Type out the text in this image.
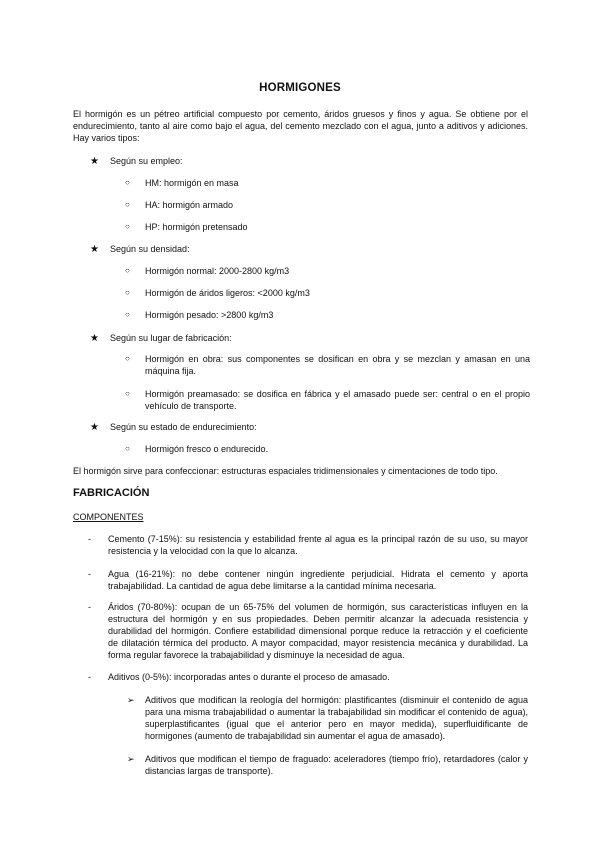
HORMIGONES
El hormigón es un pétreo artificial compuesto por cemento, áridos gruesos y finos y agua. Se obtiene por el endurecimiento, tanto al aire como bajo el agua, del cemento mezclado con el agua, junto a aditivos y adiciones. Hay varios tipos:
★ Según su empleo:
○ HM: hormigón en masa
○ HA: hormigón armado
○ HP: hormigón pretensado
★ Según su densidad:
○ Hormigón normal: 2000-2800 kg/m3
○ Hormigón de áridos ligeros: <2000 kg/m3
○ Hormigón pesado: >2800 kg/m3
★ Según su lugar de fabricación:
○ Hormigón en obra: sus componentes se dosifican en obra y se mezclan y amasan en una máquina fija.
○ Hormigón preamasado: se dosifica en fábrica y el amasado puede ser: central o en el propio vehículo de transporte.
★ Según su estado de endurecimiento:
○ Hormigón fresco o endurecido.
El hormigón sirve para confeccionar: estructuras espaciales tridimensionales y cimentaciones de todo tipo.
FABRICACIÓN
COMPONENTES
- Cemento (7-15%): su resistencia y estabilidad frente al agua es la principal razón de su uso, su mayor resistencia y la velocidad con la que lo alcanza.
- Agua (16-21%): no debe contener ningún ingrediente perjudicial. Hidrata el cemento y aporta trabajabilidad. La cantidad de agua debe limitarse a la cantidad mínima necesaria.
- Áridos (70-80%): ocupan de un 65-75% del volumen de hormigón, sus características influyen en la estructura del hormigón y en sus propiedades. Deben permitir alcanzar la adecuada resistencia y durabilidad del hormigón. Confiere estabilidad dimensional porque reduce la retracción y el coeficiente de dilatación térmica del producto. A mayor compacidad, mayor resistencia mecánica y durabilidad. La forma regular favorece la trabajabilidad y disminuye la necesidad de agua.
- Aditivos (0-5%): incorporadas antes o durante el proceso de amasado.
➢ Aditivos que modifican la reología del hormigón: plastificantes (disminuir el contenido de agua para una misma trabajabilidad o aumentar la trabajabilidad sin modificar el contenido de agua), superplastificantes (igual que el anterior pero en mayor medida), superfluidificante de hormigones (aumento de trabajabilidad sin aumentar el agua de amasado).
➢ Aditivos que modifican el tiempo de fraguado: aceleradores (tiempo frío), retardadores (calor y distancias largas de transporte).
